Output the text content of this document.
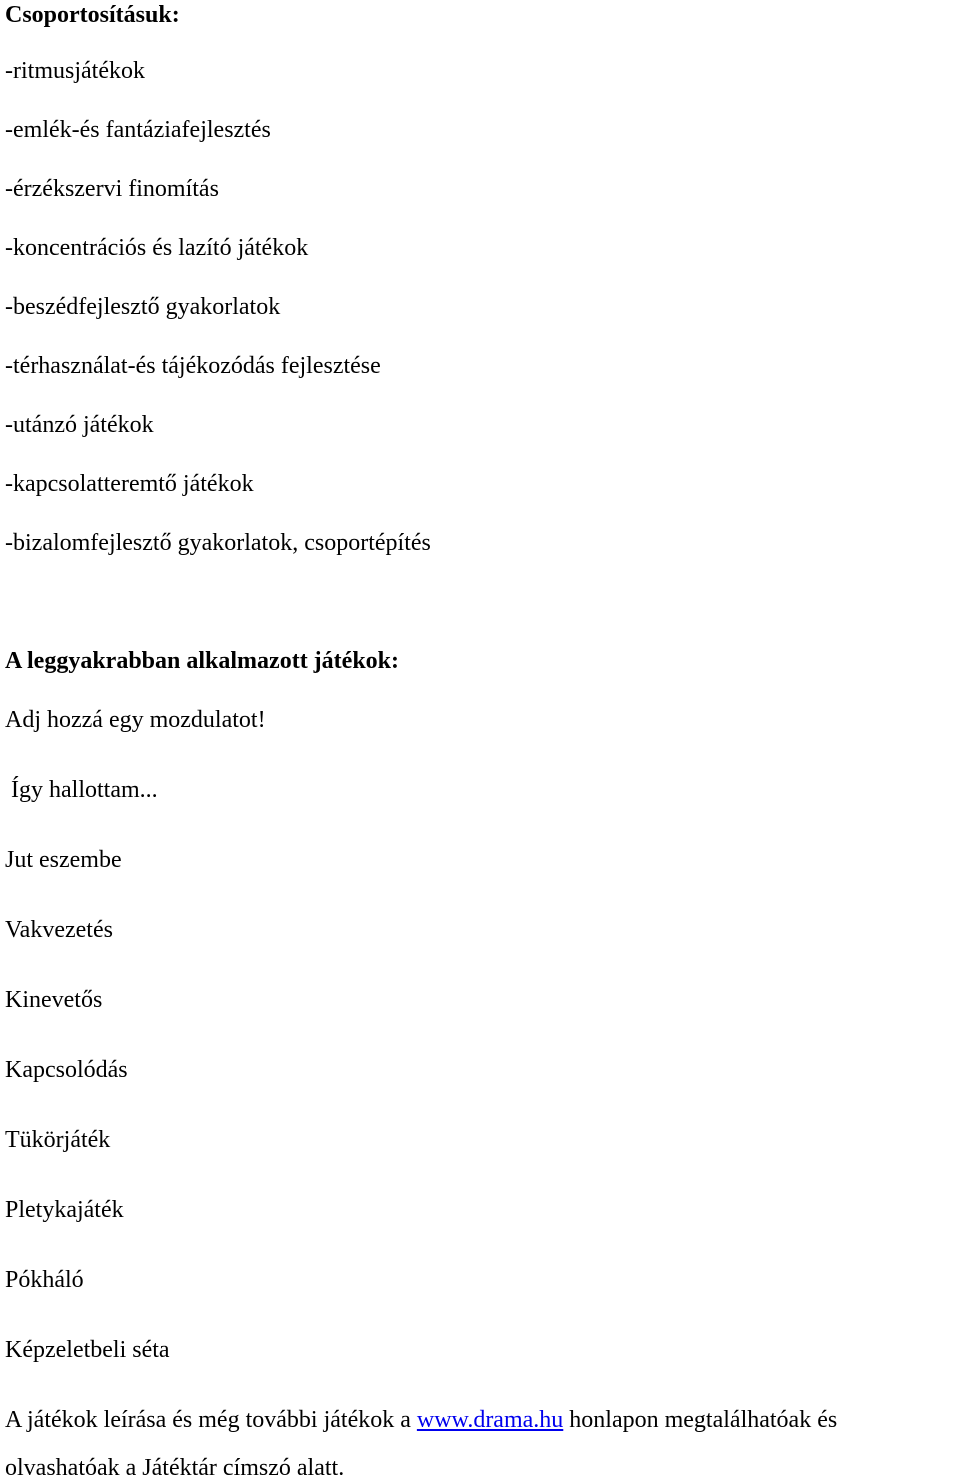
Csoportosításuk:
-ritmusjátékok
-emlék-és fantáziafejlesztés
-érzékszervi finomítás
-koncentrációs és lazító játékok
-beszédfejlesztő gyakorlatok
-térhasználat-és tájékozódás fejlesztése
-utánzó játékok
-kapcsolatteremtő játékok
-bizalomfejlesztő gyakorlatok, csoportépítés
A leggyakrabban alkalmazott játékok:
Adj hozzá egy mozdulatot!
Így hallottam...
Jut eszembe
Vakvezetés
Kinevetős
Kapcsolódás
Tükörjáték
Pletykajáték
Pókháló
Képzeletbeli séta
A játékok leírása és még további játékok a www.drama.hu honlapon megtalálhatóak és
olvashatóak a Játéktár címszó alatt.
